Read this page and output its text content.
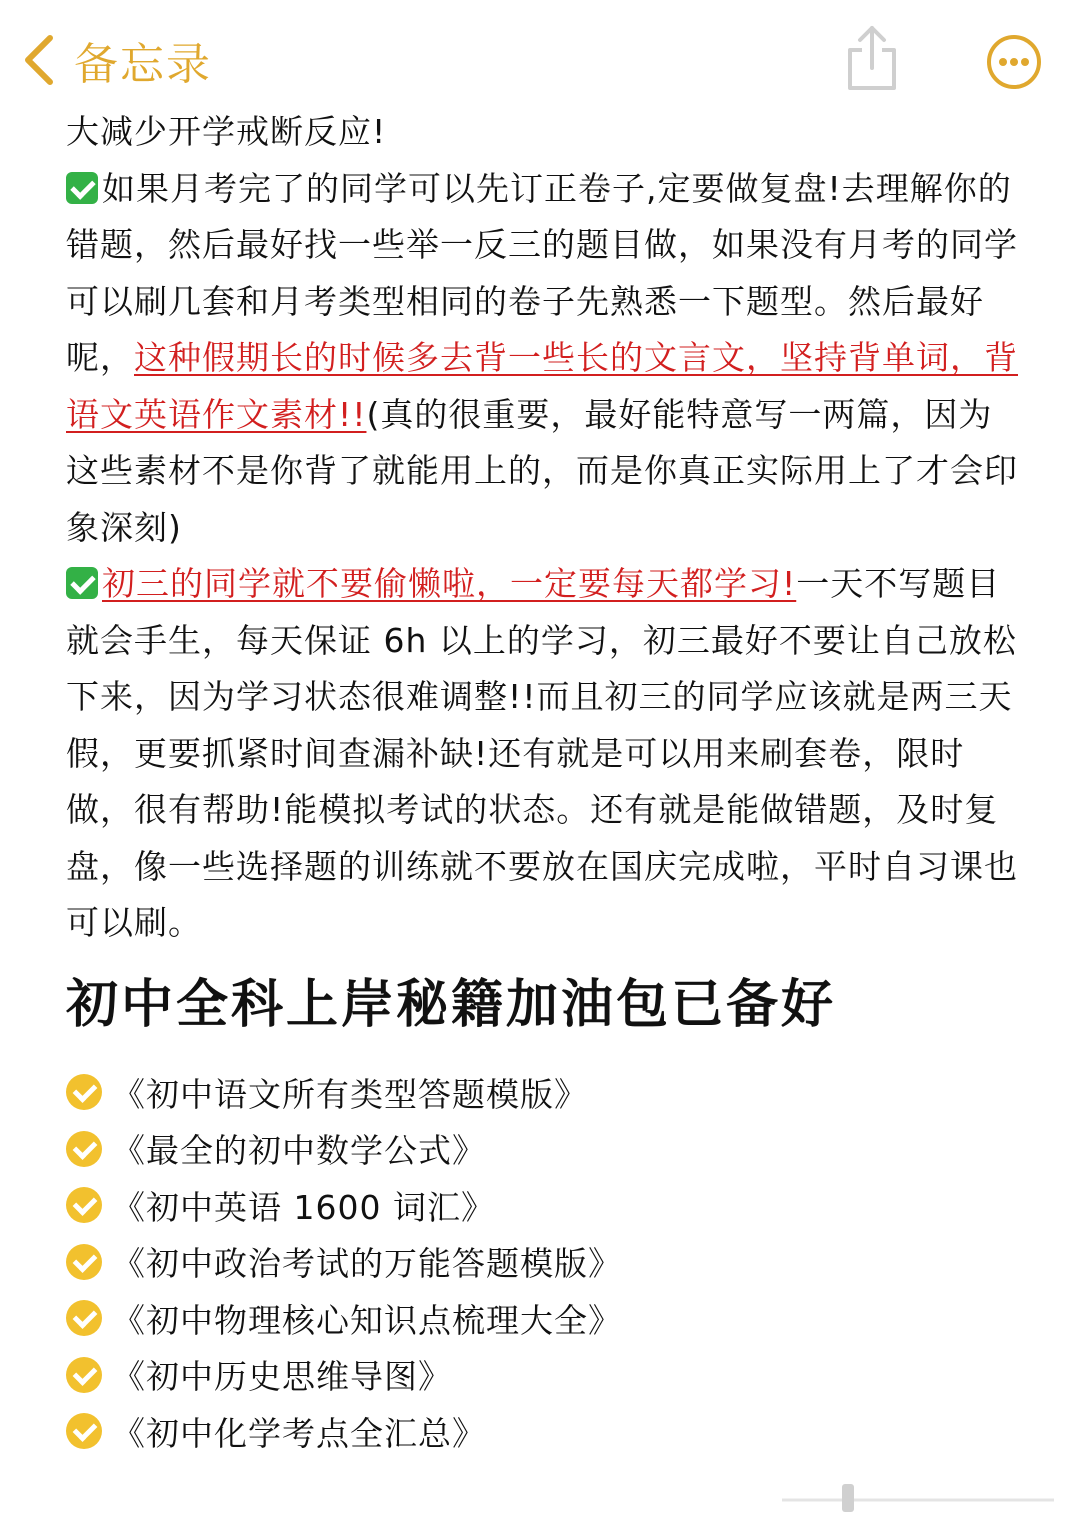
备忘录

大减少开学戒断反应!

如果月考完了的同学可以先订正卷子,定要做复盘!去理解你的错题，然后最好找一些举一反三的题目做，如果没有月考的同学可以刷几套和月考类型相同的卷子先熟悉一下题型。然后最好呢，这种假期长的时候多去背一些长的文言文，坚持背单词，背语文英语作文素材!!(真的很重要，最好能特意写一两篇，因为这些素材不是你背了就能用上的，而是你真正实际用上了才会印象深刻)

初三的同学就不要偷懒啦，一定要每天都学习!一天不写题目就会手生，每天保证 6h 以上的学习，初三最好不要让自己放松下来，因为学习状态很难调整!!而且初三的同学应该就是两三天假，更要抓紧时间查漏补缺!还有就是可以用来刷套卷，限时做，很有帮助!能模拟考试的状态。还有就是能做错题，及时复盘，像一些选择题的训练就不要放在国庆完成啦，平时自习课也可以刷。

初中全科上岸秘籍加油包已备好
《初中语文所有类型答题模版》
《最全的初中数学公式》
《初中英语 1600 词汇》
《初中政治考试的万能答题模版》
《初中物理核心知识点梳理大全》
《初中历史思维导图》
《初中化学考点全汇总》
